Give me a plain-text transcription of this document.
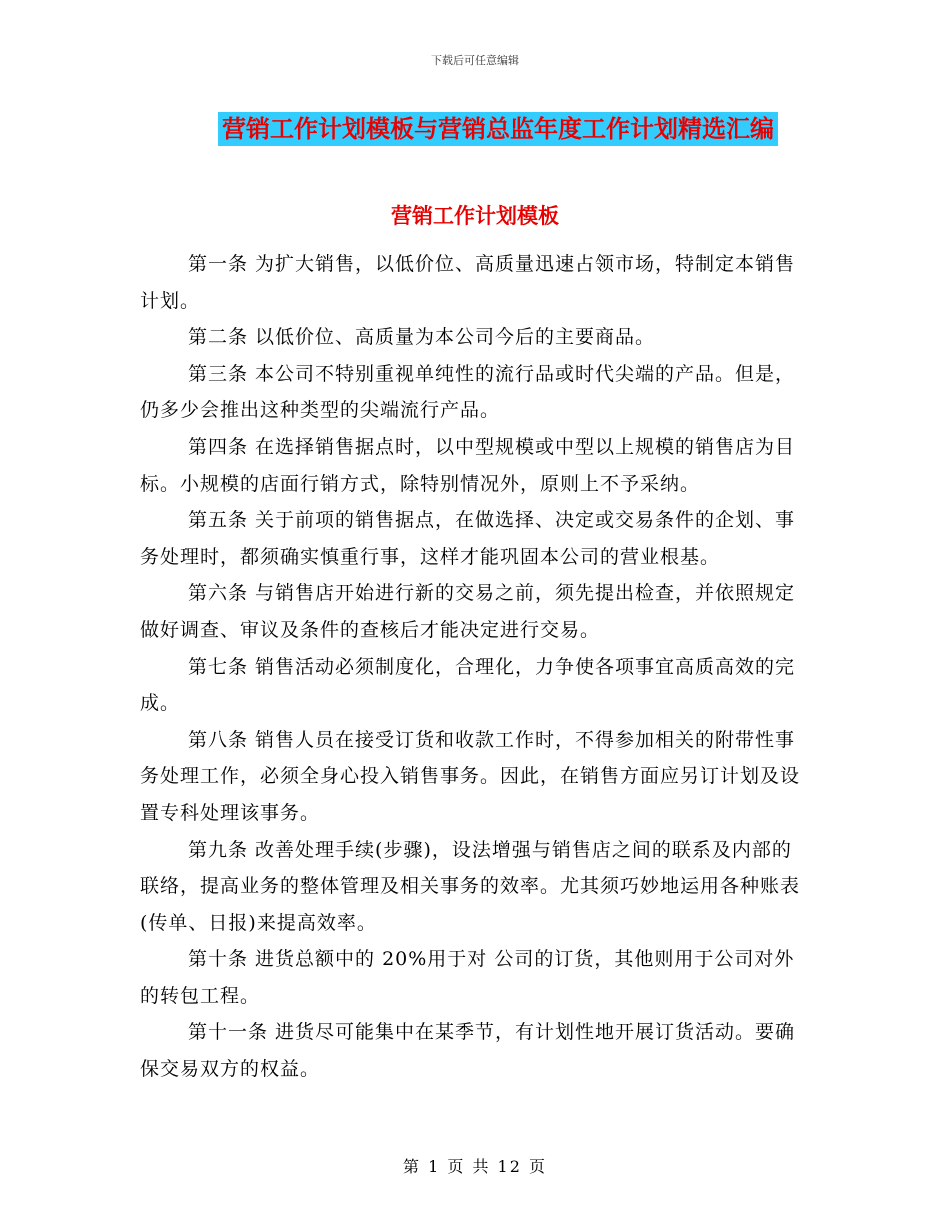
下载后可任意编辑
营销工作计划模板与营销总监年度工作计划精选汇编
营销工作计划模板

第一条 为扩大销售，以低价位、高质量迅速占领市场，特制定本销售计划。

第二条 以低价位、高质量为本公司今后的主要商品。

第三条 本公司不特别重视单纯性的流行品或时代尖端的产品。但是，仍多少会推出这种类型的尖端流行产品。

第四条 在选择销售据点时，以中型规模或中型以上规模的销售店为目标。小规模的店面行销方式，除特别情况外，原则上不予采纳。

第五条 关于前项的销售据点，在做选择、决定或交易条件的企划、事务处理时，都须确实慎重行事，这样才能巩固本公司的营业根基。

第六条 与销售店开始进行新的交易之前，须先提出检查，并依照规定做好调查、审议及条件的查核后才能决定进行交易。

第七条 销售活动必须制度化，合理化，力争使各项事宜高质高效的完成。

第八条 销售人员在接受订货和收款工作时，不得参加相关的附带性事务处理工作，必须全身心投入销售事务。因此，在销售方面应另订计划及设置专科处理该事务。

第九条 改善处理手续(步骤)，设法增强与销售店之间的联系及内部的联络，提高业务的整体管理及相关事务的效率。尤其须巧妙地运用各种账表(传单、日报)来提高效率。

第十条 进货总额中的 20%用于对 公司的订货，其他则用于公司对外的转包工程。

第十一条 进货尽可能集中在某季节，有计划性地开展订货活动。要确保交易双方的权益。

第 1 页 共 12 页
